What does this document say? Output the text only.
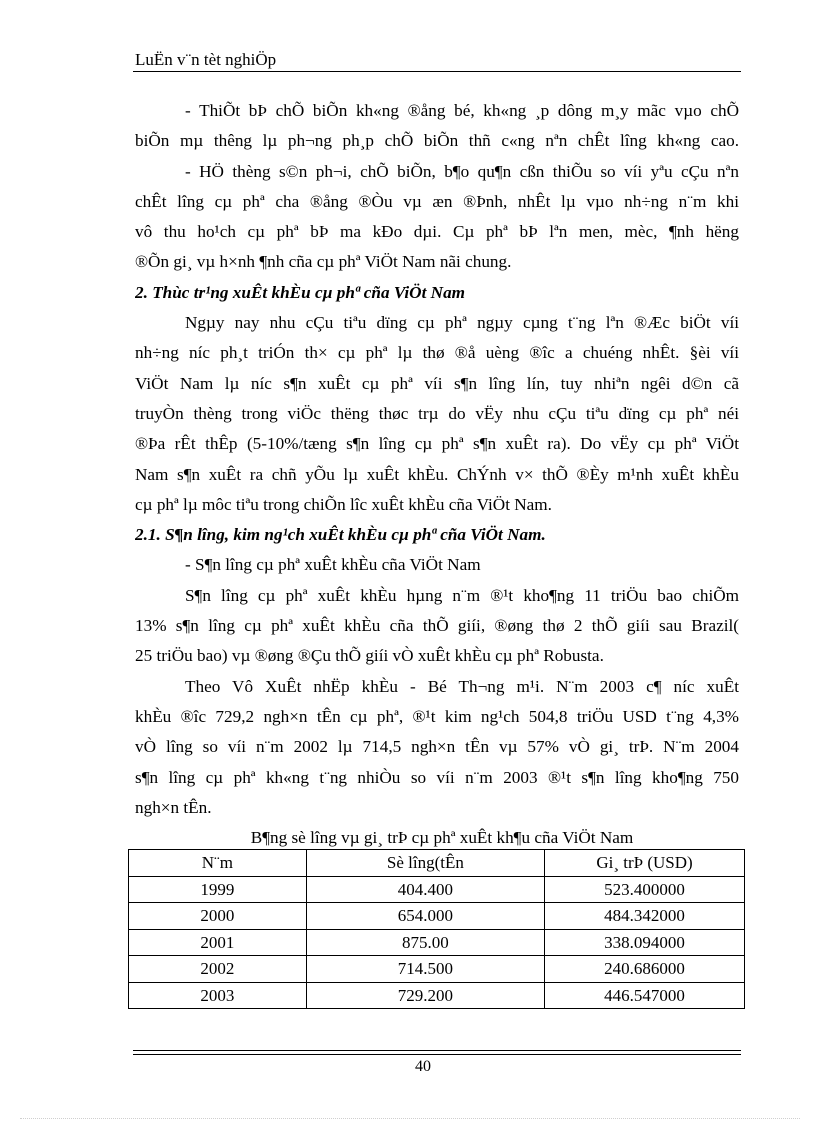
LuËn v¨n tèt nghiÖp
- ThiÕt bÞ chÕ biÕn kh«ng ®ång bé, kh«ng ¸p dông m¸y mãc vµo chÕ
biÕn mµ thêng lµ ph¬ng ph¸p chÕ biÕn thñ c«ng nªn chÊt lîng kh«ng cao.
- HÖ thèng s©n ph¬i, chÕ biÕn, b¶o qu¶n cßn thiÕu so víi yªu cÇu nªn
chÊt lîng cµ phª cha ®ång ®Òu vµ æn ®Þnh, nhÊt lµ vµo nh÷ng n¨m khi
vô thu ho¹ch cµ phª bÞ ma kÐo dµi. Cµ phª bÞ lªn men, mèc, ¶nh hëng
®Õn gi¸ vµ h×nh ¶nh cña cµ phª ViÖt Nam nãi chung.
2. Thùc tr¹ng xuÊt khÈu cµ phª cña ViÖt Nam
Ngµy nay nhu cÇu tiªu dïng cµ phª ngµy cµng t¨ng lªn ®Æc biÖt víi
nh÷ng níc ph¸t triÓn th× cµ phª lµ thø ®å uèng ®îc a chuéng nhÊt. §èi víi
ViÖt Nam lµ níc s¶n xuÊt cµ phª víi s¶n lîng lín, tuy nhiªn ngêi d©n cã
truyÒn thèng trong viÖc thëng thøc trµ do vËy nhu cÇu tiªu dïng cµ phª néi
®Þa rÊt thÊp (5-10%/tæng s¶n lîng cµ phª s¶n xuÊt ra). Do vËy cµ phª ViÖt
Nam s¶n xuÊt ra chñ yÕu lµ xuÊt khÈu. ChÝnh v× thÕ ®Èy m¹nh xuÊt khÈu
cµ phª lµ môc tiªu trong chiÕn lîc xuÊt khÈu cña ViÖt Nam.
2.1. S¶n lîng, kim ng¹ch xuÊt khÈu cµ phª cña ViÖt Nam.
- S¶n lîng cµ phª xuÊt khÈu cña ViÖt Nam
S¶n lîng cµ phª xuÊt khÈu hµng n¨m ®¹t kho¶ng 11 triÖu bao chiÕm
13% s¶n lîng cµ phª xuÊt khÈu cña thÕ giíi, ®øng thø 2 thÕ giíi sau Brazil(
25 triÖu bao) vµ ®øng ®Çu thÕ giíi vÒ xuÊt khÈu cµ phª Robusta.
Theo Vô XuÊt nhËp khÈu - Bé Th¬ng m¹i. N¨m 2003 c¶ níc xuÊt
khÈu ®îc 729,2 ngh×n tÊn cµ phª, ®¹t kim ng¹ch 504,8 triÖu USD t¨ng 4,3%
vÒ lîng so víi n¨m 2002 lµ 714,5 ngh×n tÊn vµ 57% vÒ gi¸ trÞ. N¨m 2004
s¶n lîng cµ phª kh«ng t¨ng nhiÒu so víi n¨m 2003 ®¹t s¶n lîng kho¶ng 750
ngh×n tÊn.
B¶ng sè lîng vµ gi¸ trÞ cµ phª xuÊt kh¶u cña ViÖt Nam
N¨m	Sè lîng(tÊn	Gi¸ trÞ (USD)
1999	404.400	523.400000
2000	654.000	484.342000
2001	875.00	338.094000
2002	714.500	240.686000
2003	729.200	446.547000
40
